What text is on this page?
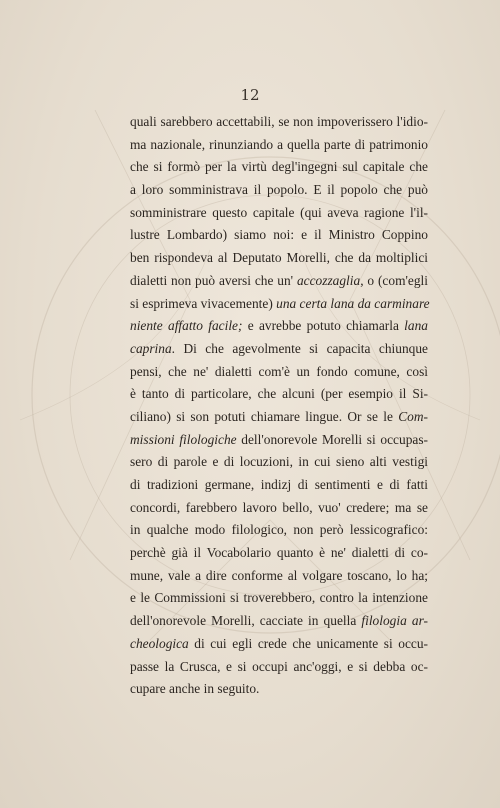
12
quali sarebbero accettabili, se non impoverissero l'idio-
ma nazionale, rinunziando a quella parte di patrimonio
che si formò per la virtù degl'ingegni sul capitale che
a loro somministrava il popolo. E il popolo che può
somministrare questo capitale (qui aveva ragione l'il-
lustre Lombardo) siamo noi: e il Ministro Coppino
ben rispondeva al Deputato Morelli, che da moltiplici
dialetti non può aversi che un' accozzaglia, o (com'egli
si esprimeva vivacemente) una certa lana da carminare
niente affatto facile; e avrebbe potuto chiamarla lana
caprina. Di che agevolmente si capacita chiunque
pensi, che ne' dialetti com'è un fondo comune, così
è tanto di particolare, che alcuni (per esempio il Si-
ciliano) si son potuti chiamare lingue. Or se le Com-
missioni filologiche dell'onorevole Morelli si occupas-
sero di parole e di locuzioni, in cui sieno alti vestigi
di tradizioni germane, indizj di sentimenti e di fatti
concordi, farebbero lavoro bello, vuo' credere; ma se
in qualche modo filologico, non però lessicografico:
perchè già il Vocabolario quanto è ne' dialetti di co-
mune, vale a dire conforme al volgare toscano, lo ha;
e le Commissioni si troverebbero, contro la intenzione
dell'onorevole Morelli, cacciate in quella filologia ar-
cheologica di cui egli crede che unicamente si occu-
passe la Crusca, e si occupi anc'oggi, e si debba oc-
cupare anche in seguito.
